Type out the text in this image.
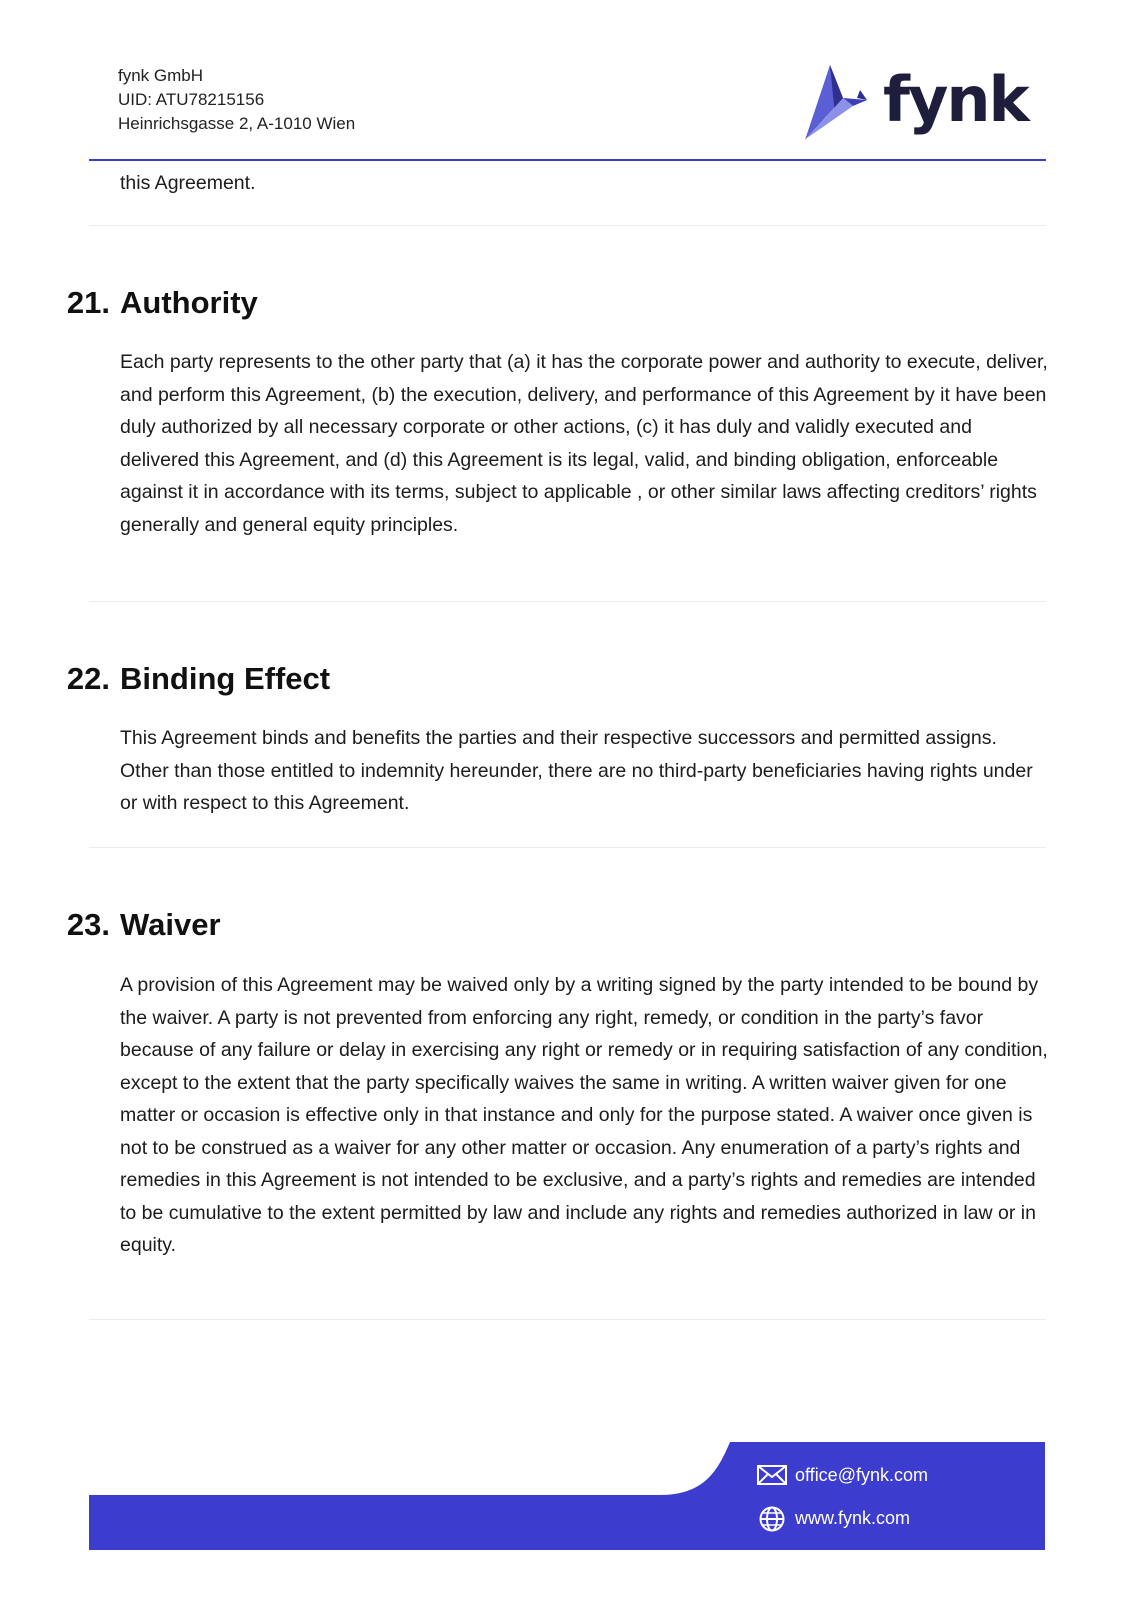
fynk GmbH
UID: ATU78215156
Heinrichsgasse 2, A-1010 Wien	fynk
this Agreement.
21. Authority
Each party represents to the other party that (a) it has the corporate power and authority to execute, deliver, and perform this Agreement, (b) the execution, delivery, and performance of this Agreement by it have been duly authorized by all necessary corporate or other actions, (c) it has duly and validly executed and delivered this Agreement, and (d) this Agreement is its legal, valid, and binding obligation, enforceable against it in accordance with its terms, subject to applicable , or other similar laws affecting creditors’ rights generally and general equity principles.
22. Binding Effect
This Agreement binds and benefits the parties and their respective successors and permitted assigns. Other than those entitled to indemnity hereunder, there are no third-party beneficiaries having rights under or with respect to this Agreement.
23. Waiver
A provision of this Agreement may be waived only by a writing signed by the party intended to be bound by the waiver. A party is not prevented from enforcing any right, remedy, or condition in the party’s favor because of any failure or delay in exercising any right or remedy or in requiring satisfaction of any condition, except to the extent that the party specifically waives the same in writing. A written waiver given for one matter or occasion is effective only in that instance and only for the purpose stated. A waiver once given is not to be construed as a waiver for any other matter or occasion. Any enumeration of a party’s rights and remedies in this Agreement is not intended to be exclusive, and a party’s rights and remedies are intended to be cumulative to the extent permitted by law and include any rights and remedies authorized in law or in equity.
office@fynk.com
www.fynk.com
